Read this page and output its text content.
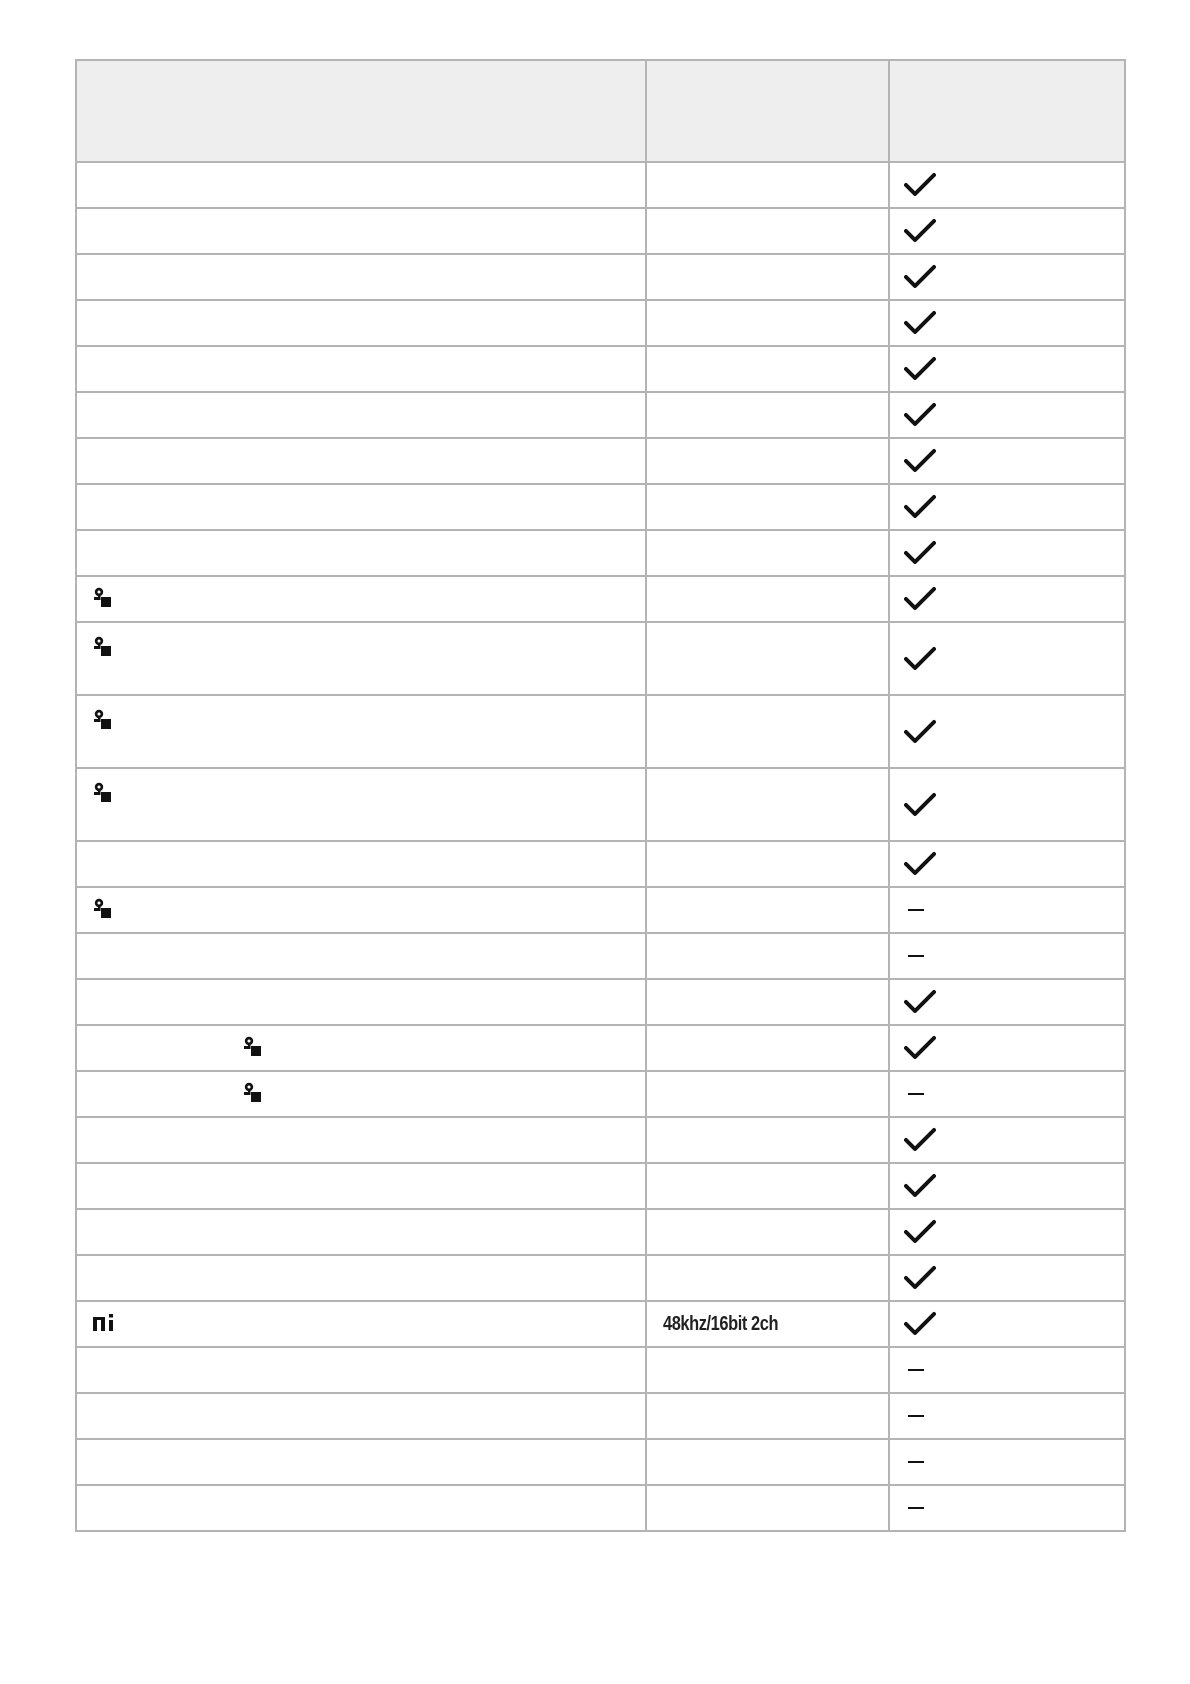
	48khz/16bit 2ch	
